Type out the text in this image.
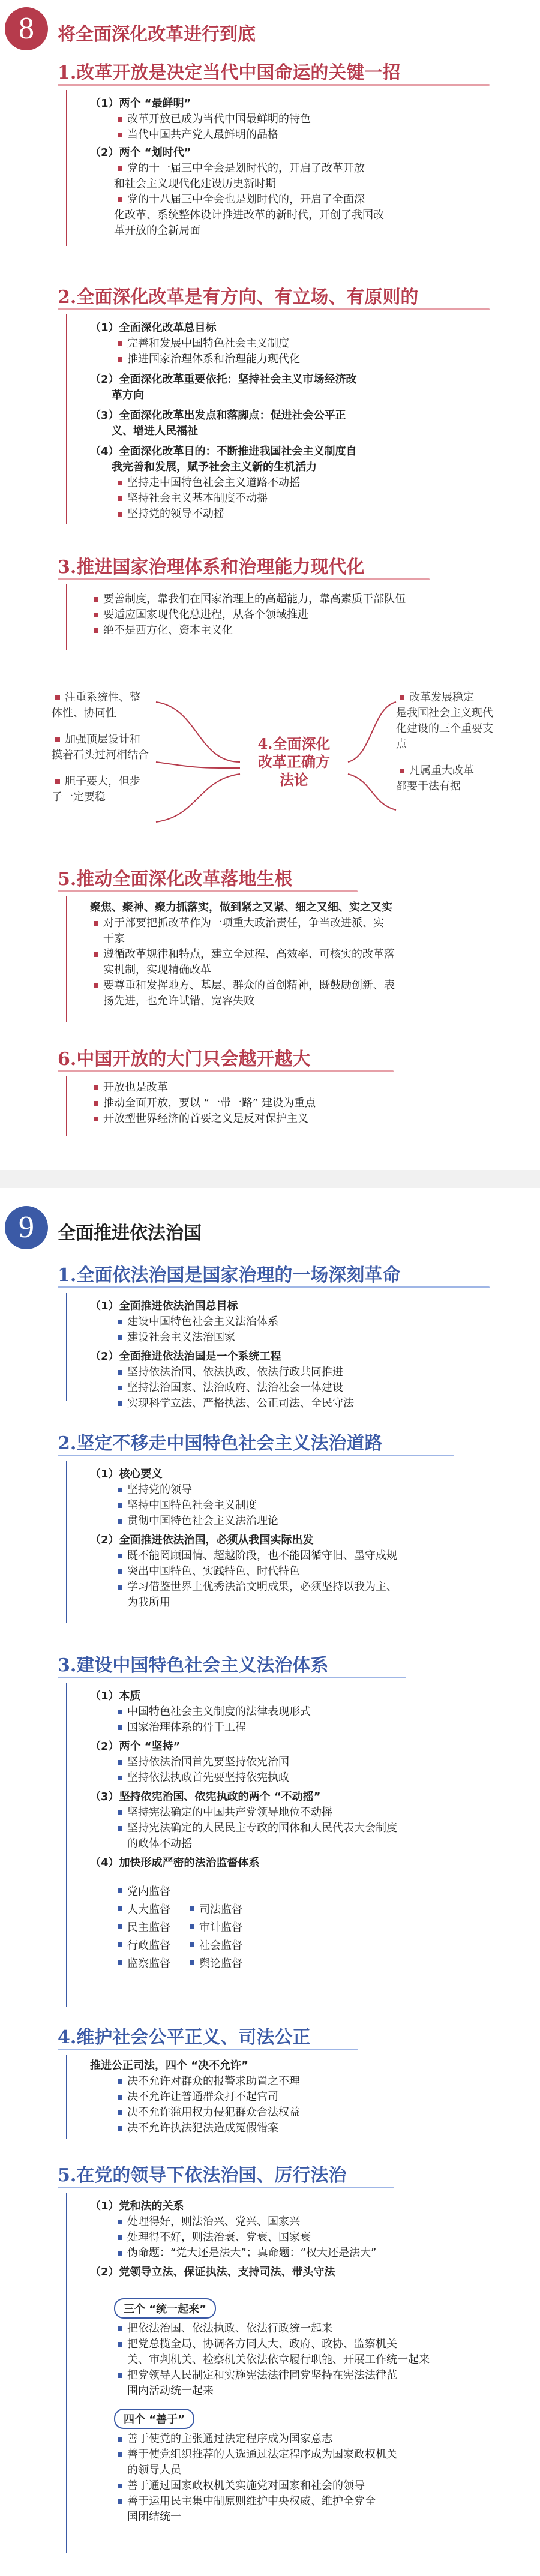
8	将全面深化改革进行到底
1.改革开放是决定当代中国命运的关键一招
（1）两个 “最鲜明”
改革开放已成为当代中国最鲜明的特色
当代中国共产党人最鲜明的品格
（2）两个 “划时代”
党的十一届三中全会是划时代的，开启了改革开放
和社会主义现代化建设历史新时期
党的十八届三中全会也是划时代的，开启了全面深
化改革、系统整体设计推进改革的新时代，开创了我国改
革开放的全新局面
2.全面深化改革是有方向、有立场、有原则的
（1）全面深化改革总目标
完善和发展中国特色社会主义制度
推进国家治理体系和治理能力现代化
（2）全面深化改革重要依托：坚持社会主义市场经济改
革方向
（3）全面深化改革出发点和落脚点：促进社会公平正
义、增进人民福祉
（4）全面深化改革目的：不断推进我国社会主义制度自
我完善和发展，赋予社会主义新的生机活力
坚持走中国特色社会主义道路不动摇
坚持社会主义基本制度不动摇
坚持党的领导不动摇
3.推进国家治理体系和治理能力现代化
要善制度，靠我们在国家治理上的高超能力，靠高素质干部队伍
要适应国家现代化总进程，从各个领域推进
绝不是西方化、资本主义化
4.全面深化
改革正确方
法论
注重系统性、整
体性、协同性
加强顶层设计和
摸着石头过河相结合
胆子要大，但步
子一定要稳
改革发展稳定
是我国社会主义现代
化建设的三个重要支
点
凡属重大改革
都要于法有据
5.推动全面深化改革落地生根
聚焦、聚神、聚力抓落实，做到紧之又紧、细之又细、实之又实
对于部要把抓改革作为一项重大政治责任，争当改进派、实
干家
遵循改革规律和特点，建立全过程、高效率、可核实的改革落
实机制，实现精确改革
要尊重和发挥地方、基层、群众的首创精神，既鼓励创新、表
扬先进，也允许试错、宽容失败
6.中国开放的大门只会越开越大
开放也是改革
推动全面开放，要以 “一带一路” 建设为重点
开放型世界经济的首要之义是反对保护主义
9	全面推进依法治国
1.全面依法治国是国家治理的一场深刻革命
（1）全面推进依法治国总目标
建设中国特色社会主义法治体系
建设社会主义法治国家
（2）全面推进依法治国是一个系统工程
坚持依法治国、依法执政、依法行政共同推进
坚持法治国家、法治政府、法治社会一体建设
实现科学立法、严格执法、公正司法、全民守法
2.坚定不移走中国特色社会主义法治道路
（1）核心要义
坚持党的领导
坚持中国特色社会主义制度
贯彻中国特色社会主义法治理论
（2）全面推进依法治国，必须从我国实际出发
既不能罔顾国情、超越阶段，也不能因循守旧、墨守成规
突出中国特色、实践特色、时代特色
学习借鉴世界上优秀法治文明成果，必须坚持以我为主、
为我所用
3.建设中国特色社会主义法治体系
（1）本质
中国特色社会主义制度的法律表现形式
国家治理体系的骨干工程
（2）两个 “坚持”
坚持依法治国首先要坚持依宪治国
坚持依法执政首先要坚持依宪执政
（3）坚持依宪治国、依宪执政的两个 “不动摇”
坚持宪法确定的中国共产党领导地位不动摇
坚持宪法确定的人民民主专政的国体和人民代表大会制度
的政体不动摇
（4）加快形成严密的法治监督体系
党内监督
人大监督	司法监督
民主监督	审计监督
行政监督	社会监督
监察监督	舆论监督
4.维护社会公平正义、司法公正
推进公正司法，四个 “决不允许”
决不允许对群众的报警求助置之不理
决不允许让普通群众打不起官司
决不允许滥用权力侵犯群众合法权益
决不允许执法犯法造成冤假错案
5.在党的领导下依法治国、厉行法治
（1）党和法的关系
处理得好，则法治兴、党兴、国家兴
处理得不好，则法治衰、党衰、国家衰
伪命题：“党大还是法大”；真命题：“权大还是法大”
（2）党领导立法、保证执法、支持司法、带头守法
三个 “统一起来”
把依法治国、依法执政、依法行政统一起来
把党总揽全局、协调各方同人大、政府、政协、监察机关
关、审判机关、检察机关依法依章履行职能、开展工作统一起来
把党领导人民制定和实施宪法法律同党坚持在宪法法律范
围内活动统一起来
四个 “善于”
善于使党的主张通过法定程序成为国家意志
善于使党组织推荐的人选通过法定程序成为国家政权机关
的领导人员
善于通过国家政权机关实施党对国家和社会的领导
善于运用民主集中制原则维护中央权威、维护全党全
国团结统一
